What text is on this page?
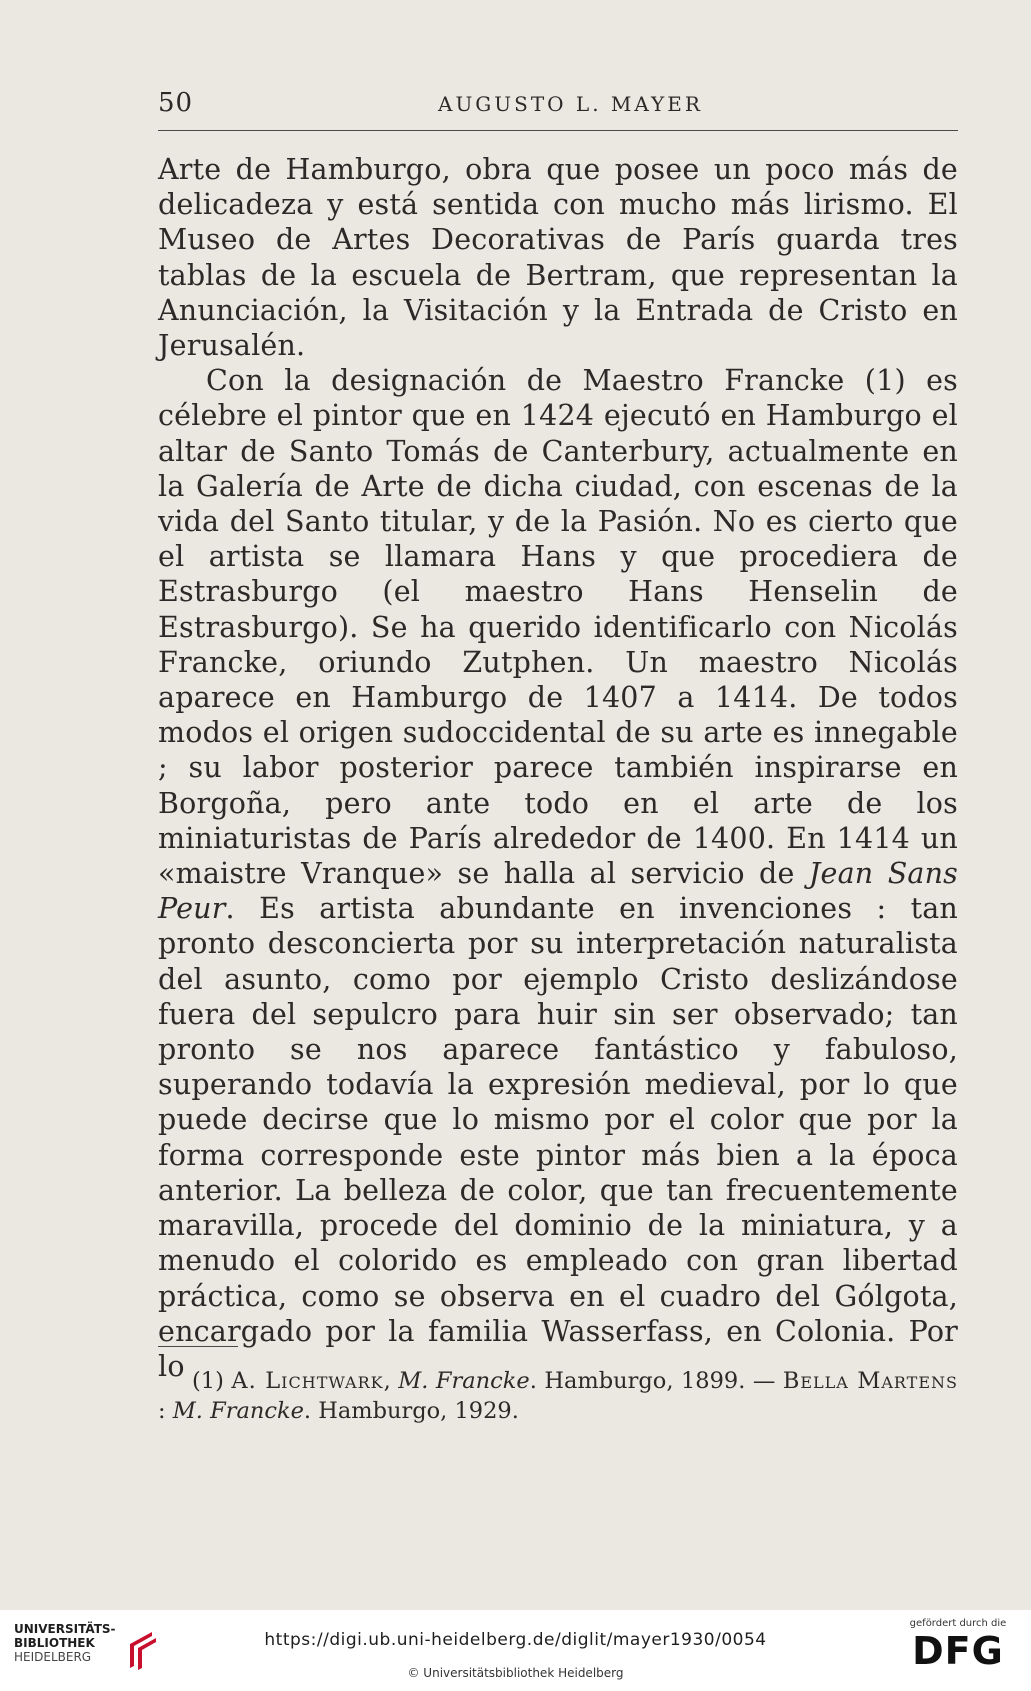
50	AUGUSTO L. MAYER

Arte de Hamburgo, obra que posee un poco más de delicadeza y está sentida con mucho más lirismo. El Museo de Artes Decorativas de París guarda tres tablas de la escuela de Bertram, que representan la Anunciación, la Visitación y la Entrada de Cristo en Jerusalén.

Con la designación de Maestro Francke (1) es célebre el pintor que en 1424 ejecutó en Hamburgo el altar de Santo Tomás de Canterbury, actualmente en la Galería de Arte de dicha ciudad, con escenas de la vida del Santo titular, y de la Pasión. No es cierto que el artista se llamara Hans y que procediera de Estrasburgo (el maestro Hans Henselin de Estrasburgo). Se ha querido identificarlo con Nicolás Francke, oriundo Zutphen. Un maestro Nicolás aparece en Hamburgo de 1407 a 1414. De todos modos el origen sudoccidental de su arte es innegable ; su labor posterior parece también inspirarse en Borgoña, pero ante todo en el arte de los miniaturistas de París alrededor de 1400. En 1414 un «maistre Vranque» se halla al servicio de Jean Sans Peur. Es artista abundante en invenciones : tan pronto desconcierta por su interpretación naturalista del asunto, como por ejemplo Cristo deslizándose fuera del sepulcro para huir sin ser observado; tan pronto se nos aparece fantástico y fabuloso, superando todavía la expresión medieval, por lo que puede decirse que lo mismo por el color que por la forma corresponde este pintor más bien a la época anterior. La belleza de color, que tan frecuentemente maravilla, procede del dominio de la miniatura, y a menudo el colorido es empleado con gran libertad práctica, como se observa en el cuadro del Gólgota, encargado por la familia Wasserfass, en Colonia. Por lo (1) A. Lichtwark, M. Francke. Hamburgo, 1899. — Bella Martens : M. Francke. Hamburgo, 1929.

UNIVERSITÄTS-
BIBLIOTHEK
HEIDELBERG
https://digi.ub.uni-heidelberg.de/diglit/mayer1930/0054
© Universitätsbibliothek Heidelberg
gefördert durch die
DFG
